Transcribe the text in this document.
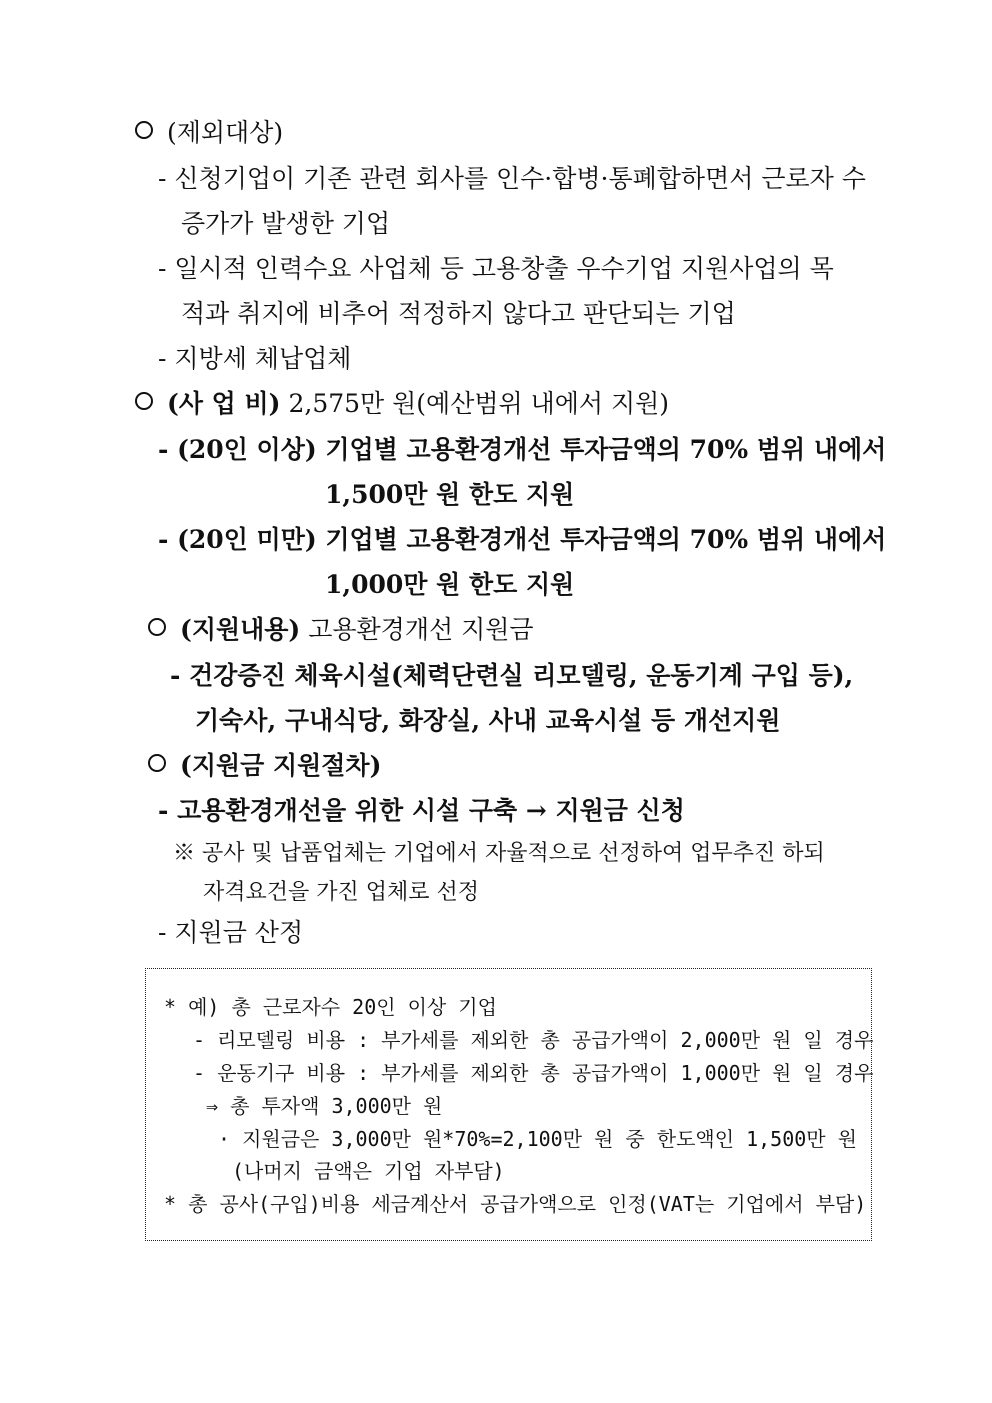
(제외대상)
- 신청기업이 기존 관련 회사를 인수·합병·통폐합하면서 근로자 수
증가가 발생한 기업
- 일시적 인력수요 사업체 등 고용창출 우수기업 지원사업의 목
적과 취지에 비추어 적정하지 않다고 판단되는 기업
- 지방세 체납업체
(사 업 비) 2,575만 원(예산범위 내에서 지원)
- (20인 이상) 기업별 고용환경개선 투자금액의 70% 범위 내에서
1,500만 원 한도 지원
- (20인 미만) 기업별 고용환경개선 투자금액의 70% 범위 내에서
1,000만 원 한도 지원
(지원내용) 고용환경개선 지원금
- 건강증진 체육시설(체력단련실 리모델링, 운동기계 구입 등),
기숙사, 구내식당, 화장실, 사내 교육시설 등 개선지원
(지원금 지원절차)
- 고용환경개선을 위한 시설 구축 → 지원금 신청
※ 공사 및 납품업체는 기업에서 자율적으로 선정하여 업무추진 하되
자격요건을 가진 업체로 선정
- 지원금 산정
* 예) 총 근로자수 20인 이상 기업
- 리모델링 비용 : 부가세를 제외한 총 공급가액이 2,000만 원 일 경우
- 운동기구 비용 : 부가세를 제외한 총 공급가액이 1,000만 원 일 경우
⇒ 총 투자액 3,000만 원
· 지원금은 3,000만 원*70%=2,100만 원 중 한도액인 1,500만 원
(나머지 금액은 기업 자부담)
* 총 공사(구입)비용 세금계산서 공급가액으로 인정(VAT는 기업에서 부담)
